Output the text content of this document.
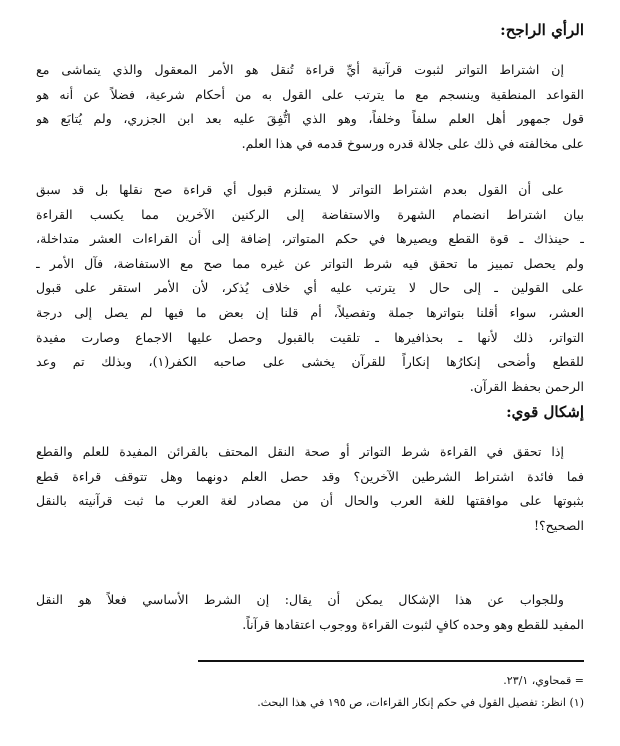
الرأي الراجح:
إن اشتراط التواتر لثبوت قرآنية أيِّ قراءة تُنقل هو الأمر المعقول والذي يتماشى مع
القواعد المنطقية وينسجم مع ما يترتب على القول به من أحكام شرعية، فضلاً عن أنه هو
قول جمهور أهل العلم سلفاً وخلفاً، وهو الذي اتُّفِقَ عليه بعد ابن الجزري، ولم يُتابَع هو
على مخالفته في ذلك على جلالة قدره ورسوخ قدمه في هذا العلم.
على أن القول بعدم اشتراط التواتر لا يستلزم قبول أي قراءة صح نقلها بل قد سبق
بيان اشتراط انضمام الشهرة والاستفاضة إلى الركنين الآخرين مما يكسب القراءة
ـ حينذاك ـ قوة القطع ويصيرها في حكم المتواتر، إضافة إلى أن القراءات العشر متداخلة،
ولم يحصل تمييز ما تحقق فيه شرط التواتر عن غيره مما صح مع الاستفاضة، فآل الأمر ـ
على القولين ـ إلى حال لا يترتب عليه أي خلاف يُذكر، لأن الأمر استقر على قبول
العشر، سواء أقلنا بتواترها جملة وتفصيلاً، أم قلنا إن بعض ما فيها لم يصل إلى درجة
التواتر، ذلك لأنها ـ بحذافيرها ـ تلقيت بالقبول وحصل عليها الاجماع وصارت مفيدة
للقطع وأضحى إنكارُها إنكاراً للقرآن يخشى على صاحبه الكفر(١)، وبذلك تم وعد
الرحمن بحفظ القرآن.
إشكال قوي:
إذا تحقق في القراءة شرط التواتر أو صحة النقل المحتف بالقرائن المفيدة للعلم والقطع
فما فائدة اشتراط الشرطين الآخرين؟ وقد حصل العلم دونهما وهل تتوقف قراءة قطع
بثبوتها على موافقتها للغة العرب والحال أن من مصادر لغة العرب ما ثبت قرآنيته بالنقل
الصحيح؟!
وللجواب عن هذا الإشكال يمكن أن يقال: إن الشرط الأساسي فعلاً هو النقل
المفيد للقطع وهو وحده كافٍ لثبوت القراءة ووجوب اعتقادها قرآناً.
= قمحاوي، ٢٣/١.
(١) انظر: تفصيل القول في حكم إنكار القراءات، ص ١٩٥ في هذا البحث.
